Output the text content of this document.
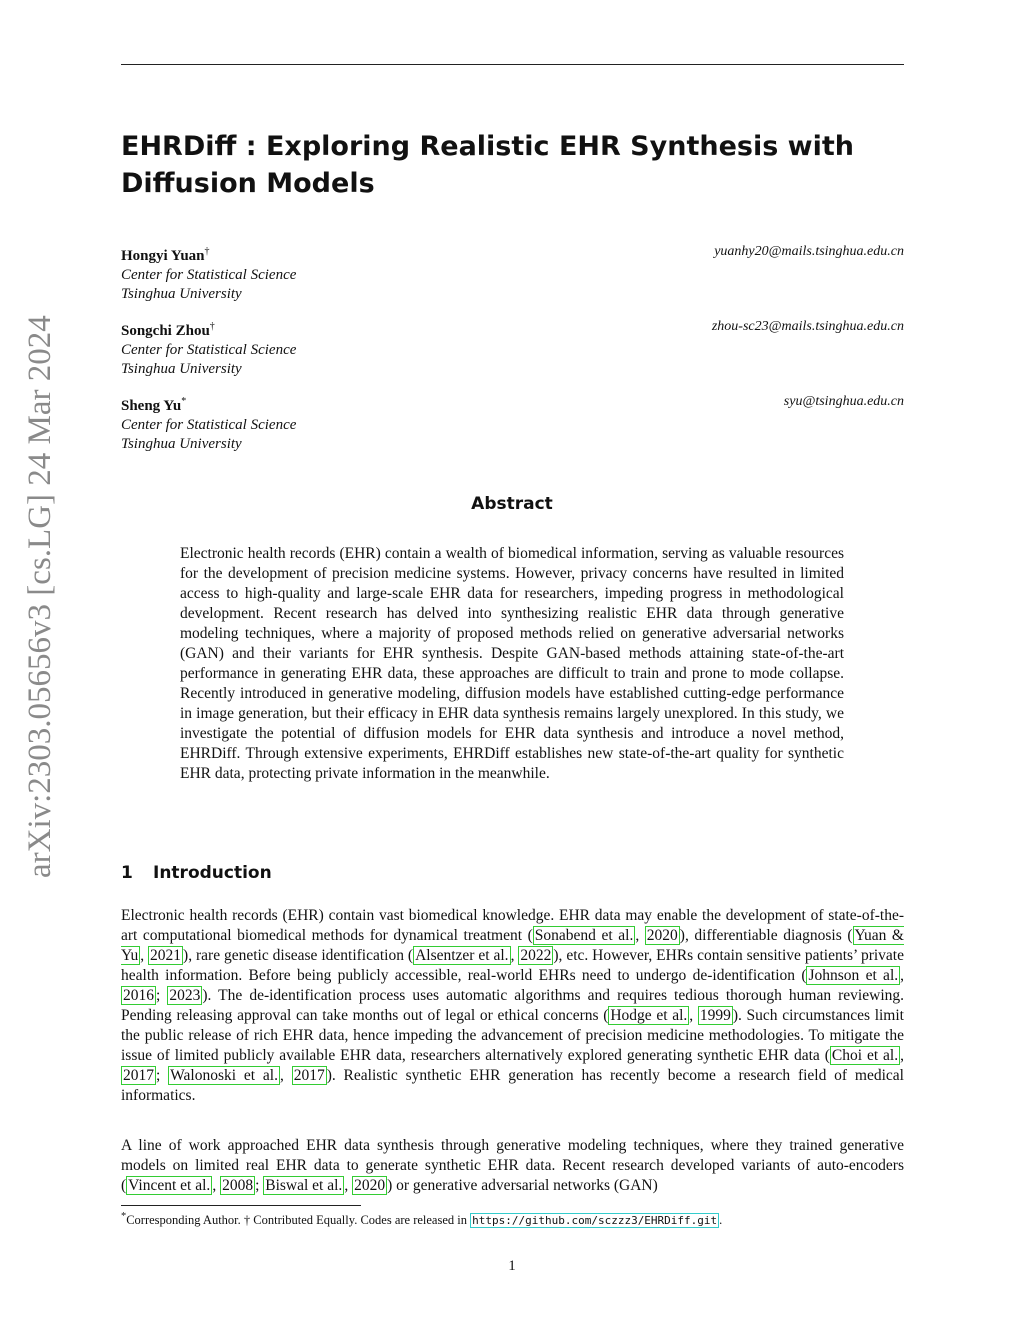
arXiv:2303.05656v3 [cs.LG] 24 Mar 2024
EHRDiff : Exploring Realistic EHR Synthesis with Diffusion Models
Hongyi Yuan†
Center for Statistical Science
Tsinghua University
yuanhy20@mails.tsinghua.edu.cn
Songchi Zhou†
Center for Statistical Science
Tsinghua University
zhou-sc23@mails.tsinghua.edu.cn
Sheng Yu*
Center for Statistical Science
Tsinghua University
syu@tsinghua.edu.cn
Abstract

Electronic health records (EHR) contain a wealth of biomedical information, serving as valuable resources for the development of precision medicine systems. However, privacy concerns have resulted in limited access to high-quality and large-scale EHR data for researchers, impeding progress in methodological development. Recent research has delved into synthesizing realistic EHR data through generative modeling techniques, where a majority of proposed methods relied on generative adversarial networks (GAN) and their variants for EHR synthesis. Despite GAN-based methods attaining state-of-the-art performance in generating EHR data, these approaches are difficult to train and prone to mode collapse. Recently introduced in generative modeling, diffusion models have established cutting-edge performance in image generation, but their efficacy in EHR data synthesis remains largely unexplored. In this study, we investigate the potential of diffusion models for EHR data synthesis and introduce a novel method, EHRDiff. Through extensive experiments, EHRDiff establishes new state-of-the-art quality for synthetic EHR data, protecting private information in the meanwhile.

1 Introduction

Electronic health records (EHR) contain vast biomedical knowledge. EHR data may enable the development of state-of-the-art computational biomedical methods for dynamical treatment ( Sonabend et al. , 2020 ), differentiable diagnosis ( Yuan & Yu , 2021 ), rare genetic disease identification ( Alsentzer et al. , 2022 ), etc. However, EHRs contain sensitive patients’ private health information. Before being publicly accessible, real-world EHRs need to undergo de-identification ( Johnson et al. , 2016 ; 2023 ). The de-identification process uses automatic algorithms and requires tedious thorough human reviewing. Pending releasing approval can take months out of legal or ethical concerns ( Hodge et al. , 1999 ). Such circumstances limit the public release of rich EHR data, hence impeding the advancement of precision medicine methodologies. To mitigate the issue of limited publicly available EHR data, researchers alternatively explored generating synthetic EHR data ( Choi et al. , 2017 ; Walonoski et al. , 2017 ). Realistic synthetic EHR generation has recently become a research field of medical informatics.

A line of work approached EHR data synthesis through generative modeling techniques, where they trained generative models on limited real EHR data to generate synthetic EHR data. Recent research developed variants of auto-encoders ( Vincent et al. , 2008 ; Biswal et al. , 2020 ) or generative adversarial networks (GAN)

*Corresponding Author. † Contributed Equally. Codes are released in https://github.com/sczzz3/EHRDiff.git .
1
